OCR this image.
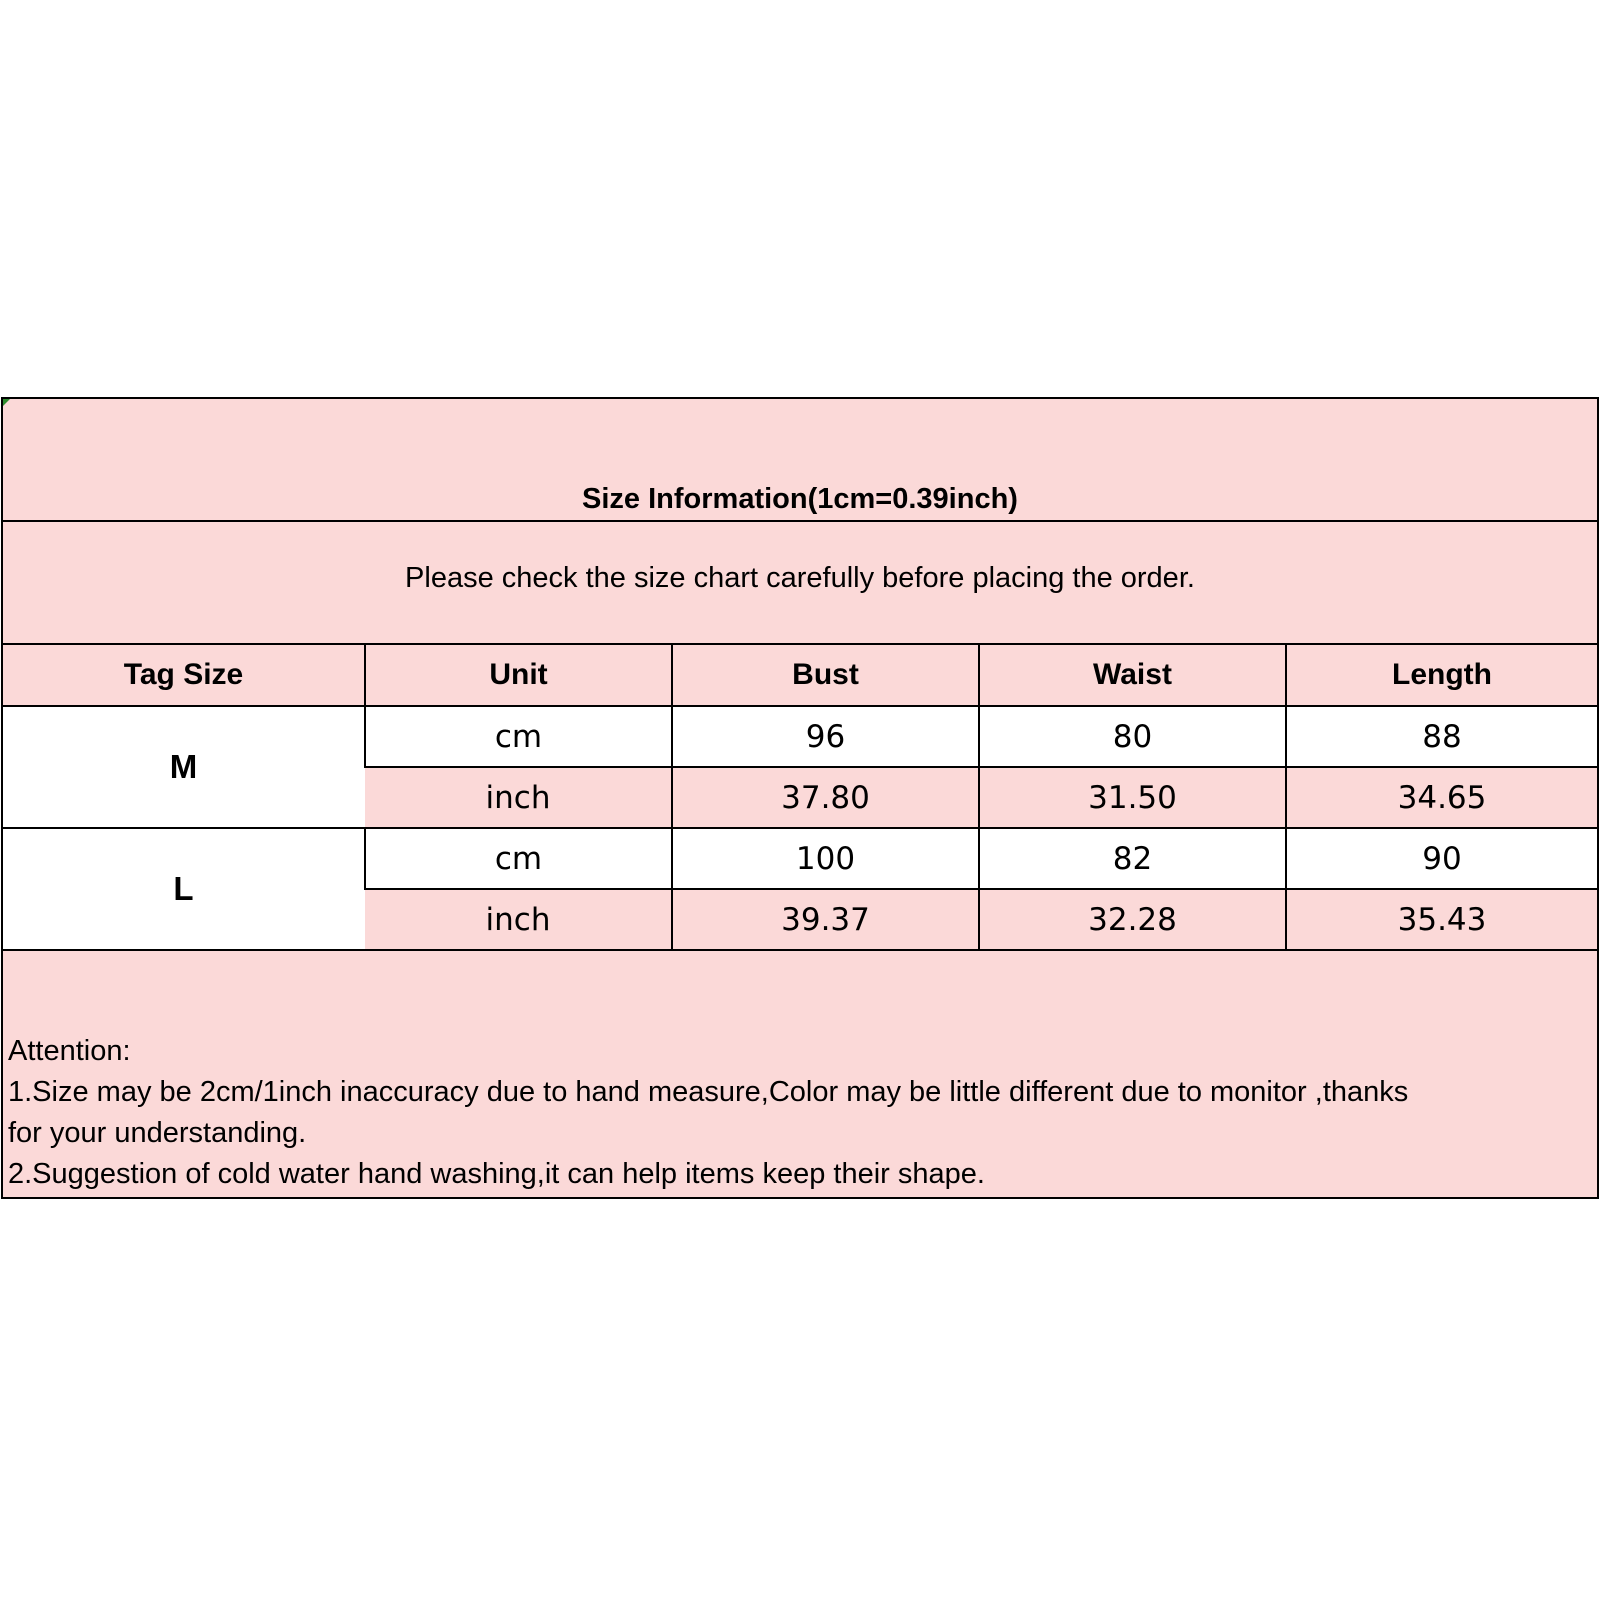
Size Information(1cm=0.39inch)
Please check the size chart carefully before placing the order.
Tag Size	Unit	Bust	Waist	Length
M	cm	96	80	88
	inch	37.80	31.50	34.65
L	cm	100	82	90
	inch	39.37	32.28	35.43
Attention:
1.Size may be 2cm/1inch inaccuracy due to hand measure,Color may be little different due to monitor ,thanks
for your understanding.
2.Suggestion of cold water hand washing,it can help items keep their shape.
